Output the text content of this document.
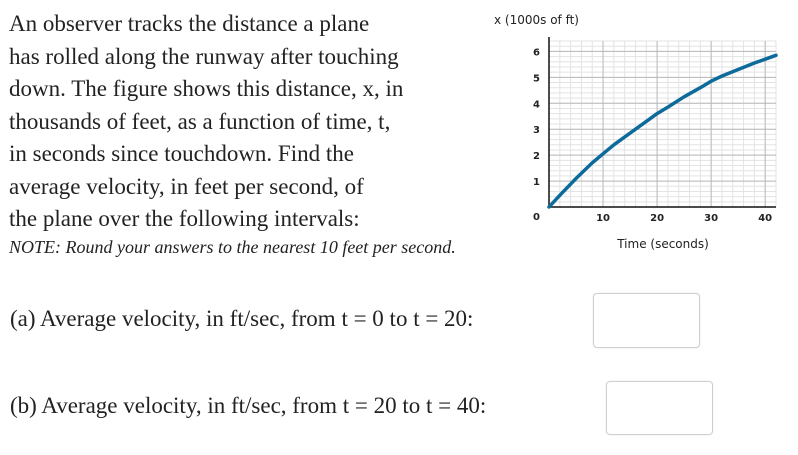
An observer tracks the distance a plane
has rolled along the runway after touching
down. The figure shows this distance, x, in
thousands of feet, as a function of time, t,
in seconds since touchdown. Find the
average velocity, in feet per second, of
the plane over the following intervals:
NOTE: Round your answers to the nearest 10 feet per second.
0
1
2
3
4
5
6
10	20	30	40
x (1000s of ft)
Time (seconds)
(a) Average velocity, in ft/sec, from t = 0 to t = 20:
(b) Average velocity, in ft/sec, from t = 20 to t = 40:
